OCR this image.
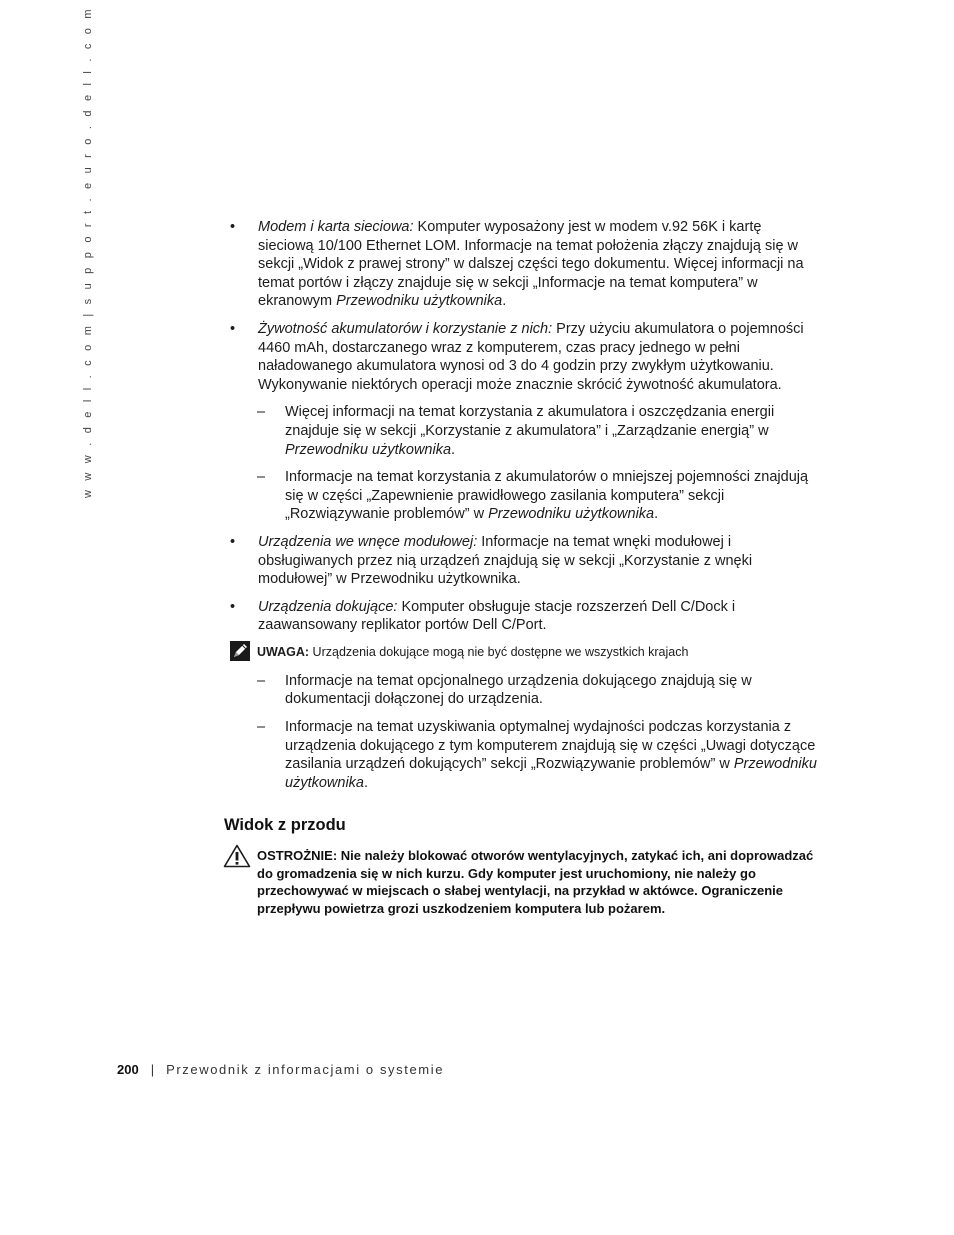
w w w . d e l l . c o m | s u p p o r t . e u r o . d e l l . c o m	• Modem i karta sieciowa: Komputer wyposażony jest w modem v.92 56K i kartę sieciową 10/100 Ethernet LOM. Informacje na temat położenia złączy znajdują się w sekcji „Widok z prawej strony” w dalszej części tego dokumentu. Więcej informacji na temat portów i złączy znajduje się w sekcji „Informacje na temat komputera” w ekranowym Przewodniku użytkownika.
• Żywotność akumulatorów i korzystanie z nich: Przy użyciu akumulatora o pojemności 4460 mAh, dostarczanego wraz z komputerem, czas pracy jednego w pełni naładowanego akumulatora wynosi od 3 do 4 godzin przy zwykłym użytkowaniu. Wykonywanie niektórych operacji może znacznie skrócić żywotność akumulatora.
– Więcej informacji na temat korzystania z akumulatora i oszczędzania energii znajduje się w sekcji „Korzystanie z akumulatora” i „Zarządzanie energią” w Przewodniku użytkownika.
– Informacje na temat korzystania z akumulatorów o mniejszej pojemności znajdują się w części „Zapewnienie prawidłowego zasilania komputera” sekcji „Rozwiązywanie problemów” w Przewodniku użytkownika.
• Urządzenia we wnęce modułowej: Informacje na temat wnęki modułowej i obsługiwanych przez nią urządzeń znajdują się w sekcji „Korzystanie z wnęki modułowej” w Przewodniku użytkownika.
• Urządzenia dokujące: Komputer obsługuje stacje rozszerzeń Dell C/Dock i zaawansowany replikator portów Dell C/Port.
UWAGA: Urządzenia dokujące mogą nie być dostępne we wszystkich krajach
– Informacje na temat opcjonalnego urządzenia dokującego znajdują się w dokumentacji dołączonej do urządzenia.
– Informacje na temat uzyskiwania optymalnej wydajności podczas korzystania z urządzenia dokującego z tym komputerem znajdują się w części „Uwagi dotyczące zasilania urządzeń dokujących” sekcji „Rozwiązywanie problemów” w Przewodniku użytkownika.
Widok z przodu
OSTROŻNIE: Nie należy blokować otworów wentylacyjnych, zatykać ich, ani doprowadzać do gromadzenia się w nich kurzu. Gdy komputer jest uruchomiony, nie należy go przechowywać w miejscach o słabej wentylacji, na przykład w aktówce. Ograniczenie przepływu powietrza grozi uszkodzeniem komputera lub pożarem.
200 | Przewodnik z informacjami o systemie
